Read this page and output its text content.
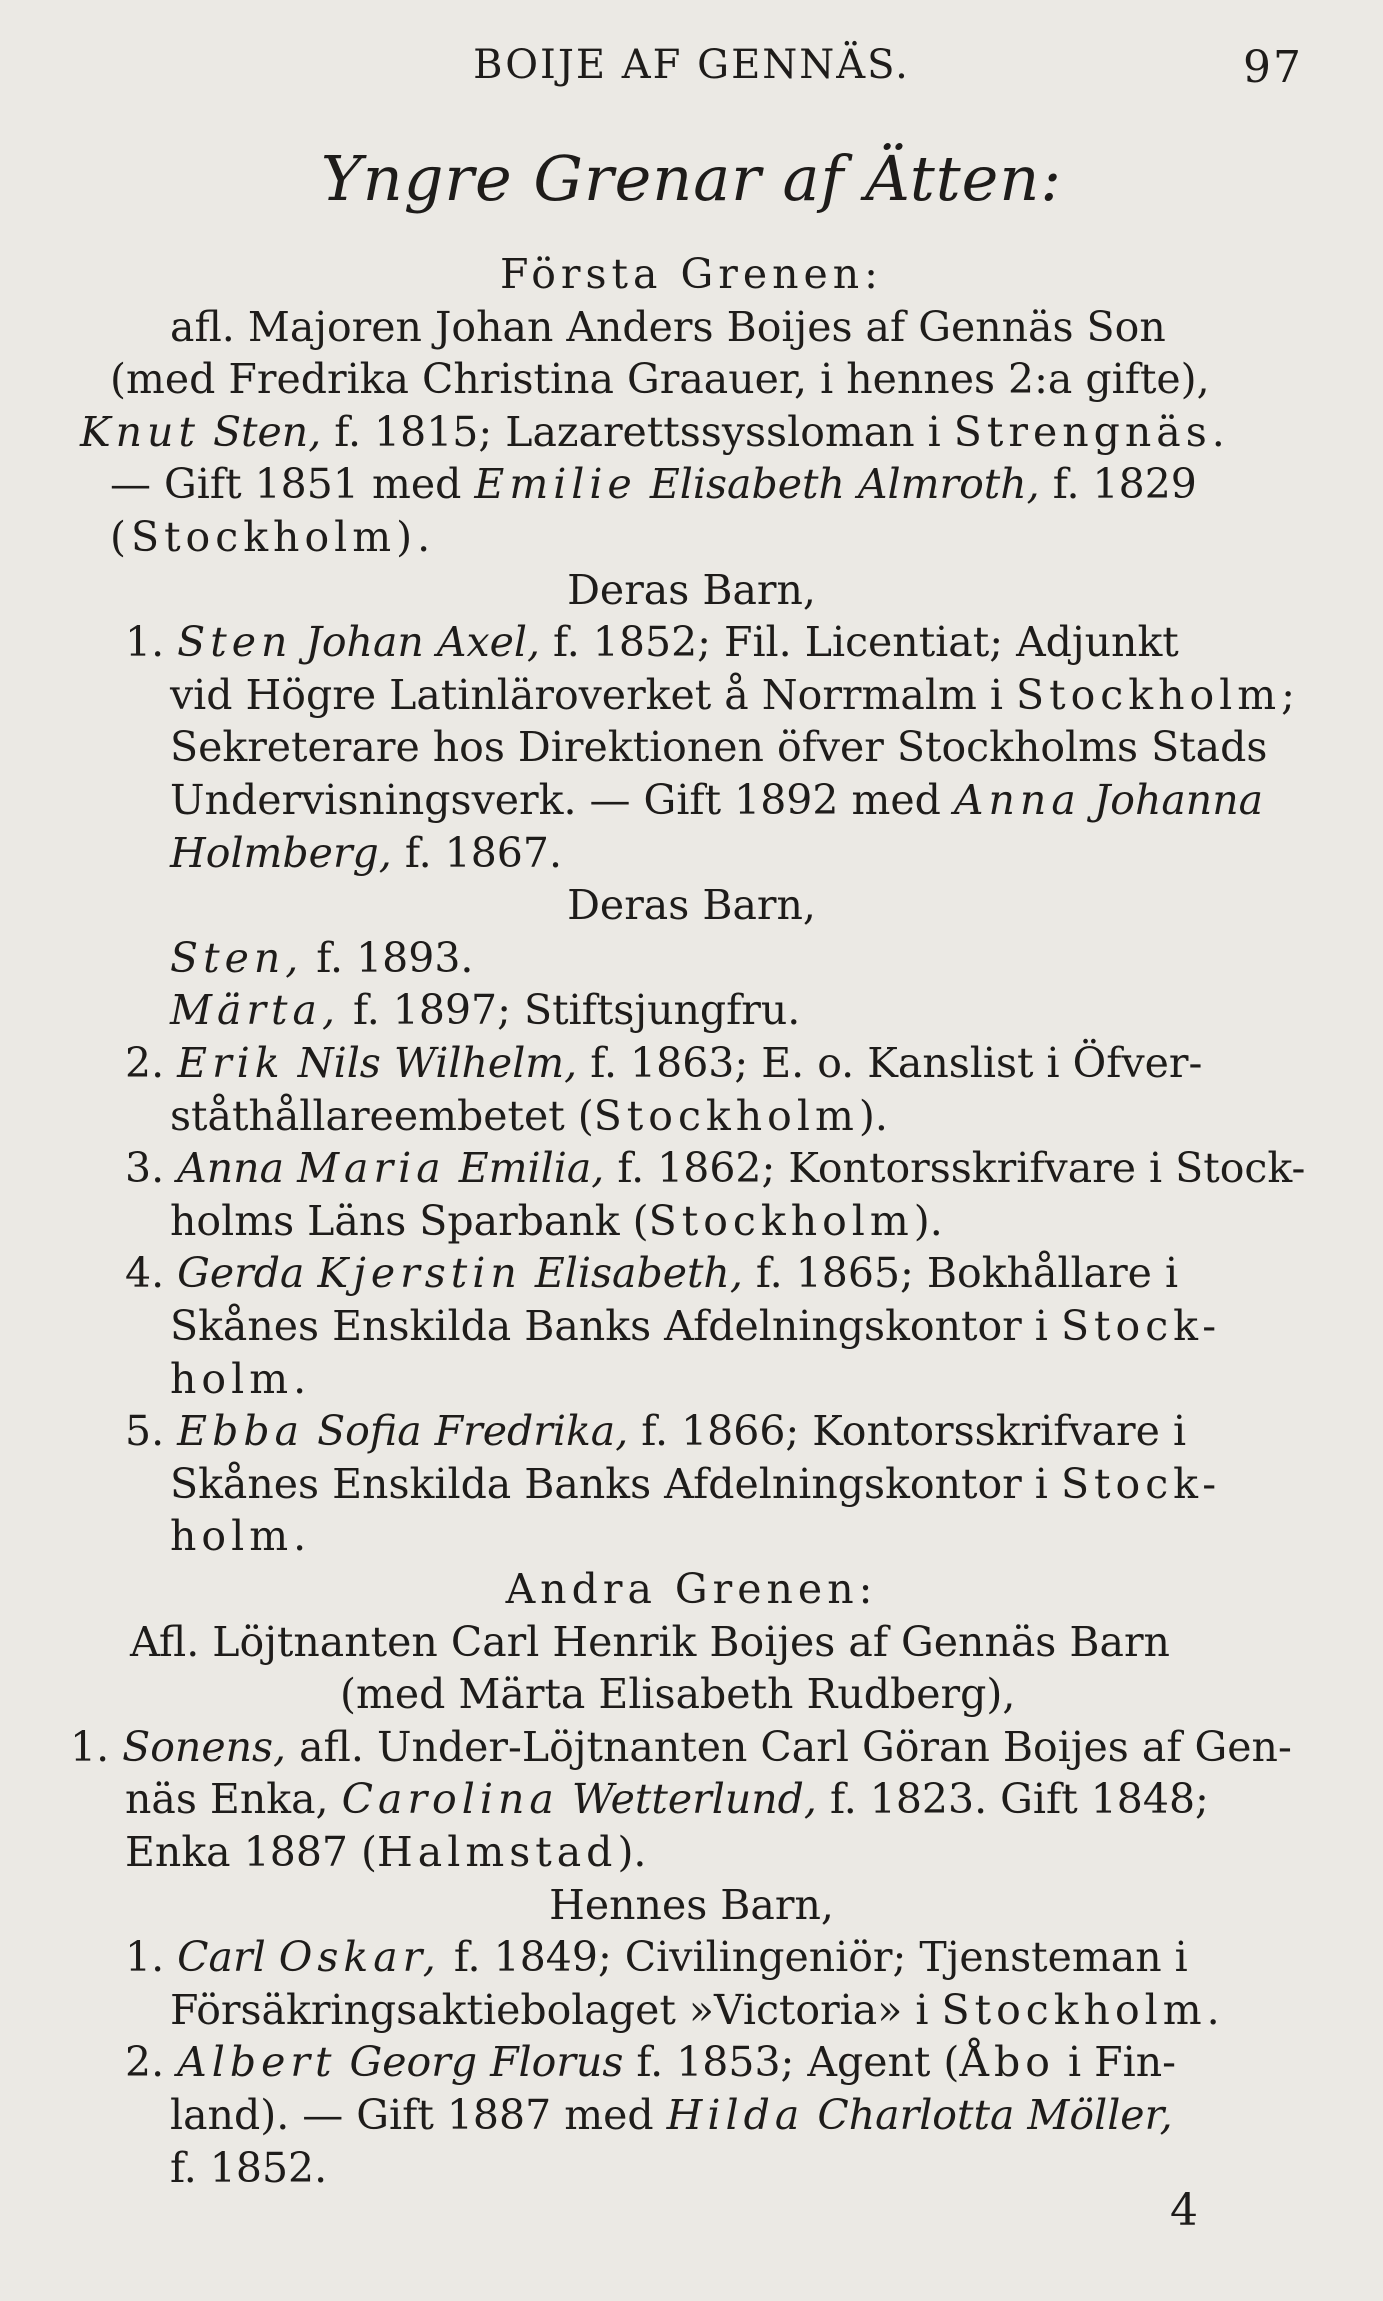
BOIJE AF GENNÄS.	97
Yngre Grenar af Ätten:
Första Grenen:
afl. Majoren Johan Anders Boijes af Gennäs Son
(med Fredrika Christina Graauer, i hennes 2:a gifte),
Knut Sten, f. 1815; Lazarettssyssloman i Strengnäs.
— Gift 1851 med Emilie Elisabeth Almroth, f. 1829
(Stockholm).
Deras Barn,
1. Sten Johan Axel, f. 1852; Fil. Licentiat; Adjunkt
vid Högre Latinläroverket å Norrmalm i Stockholm;
Sekreterare hos Direktionen öfver Stockholms Stads
Undervisningsverk. — Gift 1892 med Anna Johanna
Holmberg, f. 1867.
Deras Barn,
Sten, f. 1893.
Märta, f. 1897; Stiftsjungfru.
2. Erik Nils Wilhelm, f. 1863; E. o. Kanslist i Öfver-
ståthållareembetet (Stockholm).
3. Anna Maria Emilia, f. 1862; Kontorsskrifvare i Stock-
holms Läns Sparbank (Stockholm).
4. Gerda Kjerstin Elisabeth, f. 1865; Bokhållare i
Skånes Enskilda Banks Afdelningskontor i Stock-
holm.
5. Ebba Sofia Fredrika, f. 1866; Kontorsskrifvare i
Skånes Enskilda Banks Afdelningskontor i Stock-
holm.
Andra Grenen:
Afl. Löjtnanten Carl Henrik Boijes af Gennäs Barn
(med Märta Elisabeth Rudberg),
1. Sonens, afl. Under-Löjtnanten Carl Göran Boijes af Gen-
näs Enka, Carolina Wetterlund, f. 1823. Gift 1848;
Enka 1887 (Halmstad).
Hennes Barn,
1. Carl Oskar, f. 1849; Civilingeniör; Tjensteman i
Försäkringsaktiebolaget »Victoria» i Stockholm.
2. Albert Georg Florus f. 1853; Agent (Åbo i Fin-
land). — Gift 1887 med Hilda Charlotta Möller,
f. 1852.
4
